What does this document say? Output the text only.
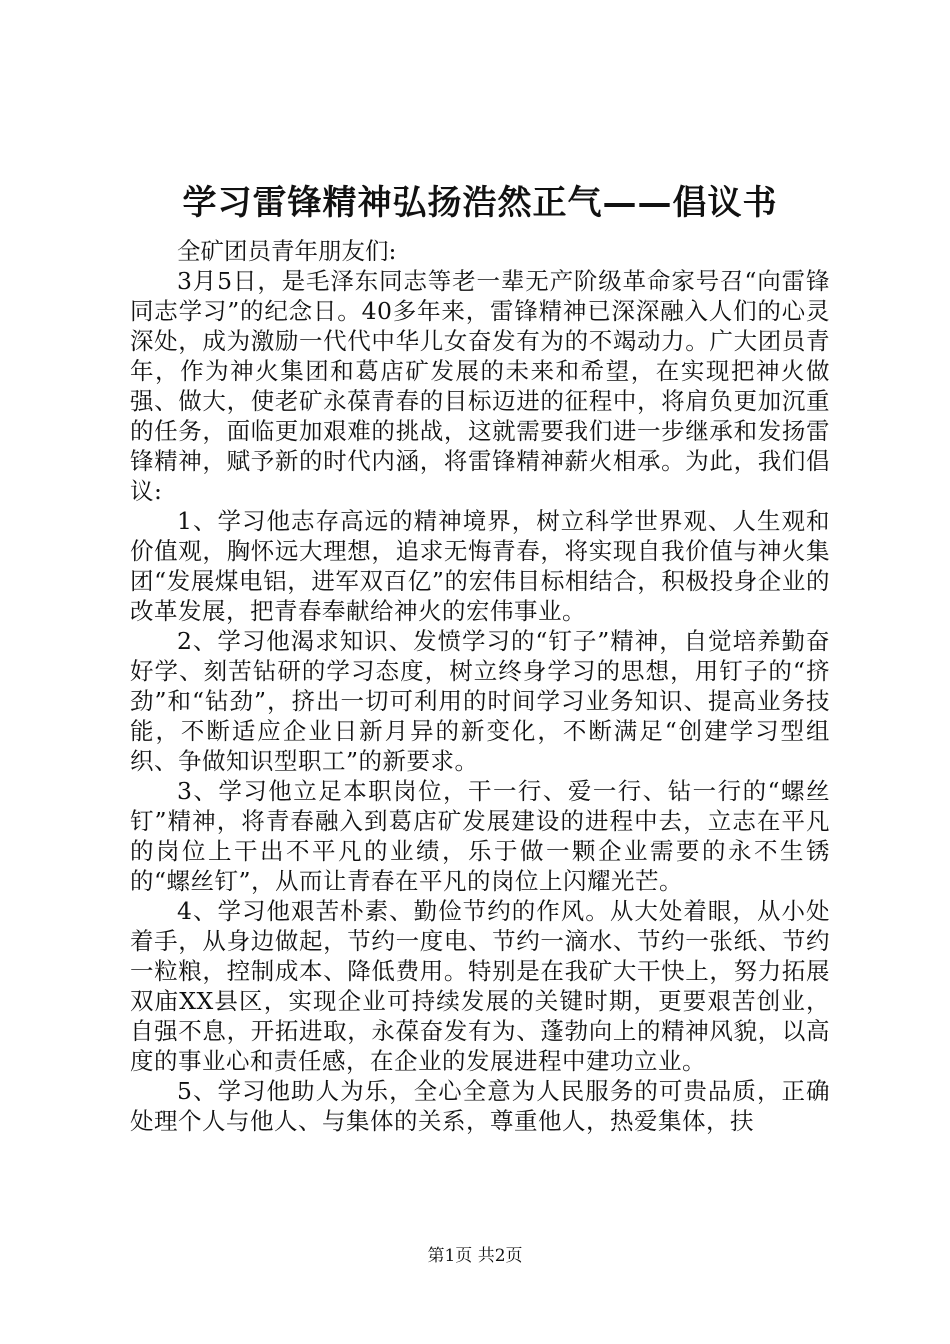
学习雷锋精神弘扬浩然正气——倡议书

全矿团员青年朋友们:

3月5日，是毛泽东同志等老一辈无产阶级革命家号召“向雷锋同志学习”的纪念日。40多年来，雷锋精神已深深融入人们的心灵深处，成为激励一代代中华儿女奋发有为的不竭动力。广大团员青年，作为神火集团和葛店矿发展的未来和希望，在实现把神火做强、做大，使老矿永葆青春的目标迈进的征程中，将肩负更加沉重的任务，面临更加艰难的挑战，这就需要我们进一步继承和发扬雷锋精神，赋予新的时代内涵，将雷锋精神薪火相承。为此，我们倡议:

1、学习他志存高远的精神境界，树立科学世界观、人生观和价值观，胸怀远大理想，追求无悔青春，将实现自我价值与神火集团“发展煤电铝，进军双百亿”的宏伟目标相结合，积极投身企业的改革发展，把青春奉献给神火的宏伟事业。

2、学习他渴求知识、发愤学习的“钉子”精神，自觉培养勤奋好学、刻苦钻研的学习态度，树立终身学习的思想，用钉子的“挤劲”和“钻劲”，挤出一切可利用的时间学习业务知识、提高业务技能，不断适应企业日新月异的新变化，不断满足“创建学习型组织、争做知识型职工”的新要求。

3、学习他立足本职岗位，干一行、爱一行、钻一行的“螺丝钉”精神，将青春融入到葛店矿发展建设的进程中去，立志在平凡的岗位上干出不平凡的业绩，乐于做一颗企业需要的永不生锈的“螺丝钉”，从而让青春在平凡的岗位上闪耀光芒。

4、学习他艰苦朴素、勤俭节约的作风。从大处着眼，从小处着手，从身边做起，节约一度电、节约一滴水、节约一张纸、节约一粒粮，控制成本、降低费用。特别是在我矿大干快上，努力拓展双庙XX县区，实现企业可持续发展的关键时期，更要艰苦创业，自强不息，开拓进取，永葆奋发有为、蓬勃向上的精神风貌，以高度的事业心和责任感，在企业的发展进程中建功立业。

5、学习他助人为乐，全心全意为人民服务的可贵品质，正确处理个人与他人、与集体的关系，尊重他人，热爱集体，扶

第1页 共2页
